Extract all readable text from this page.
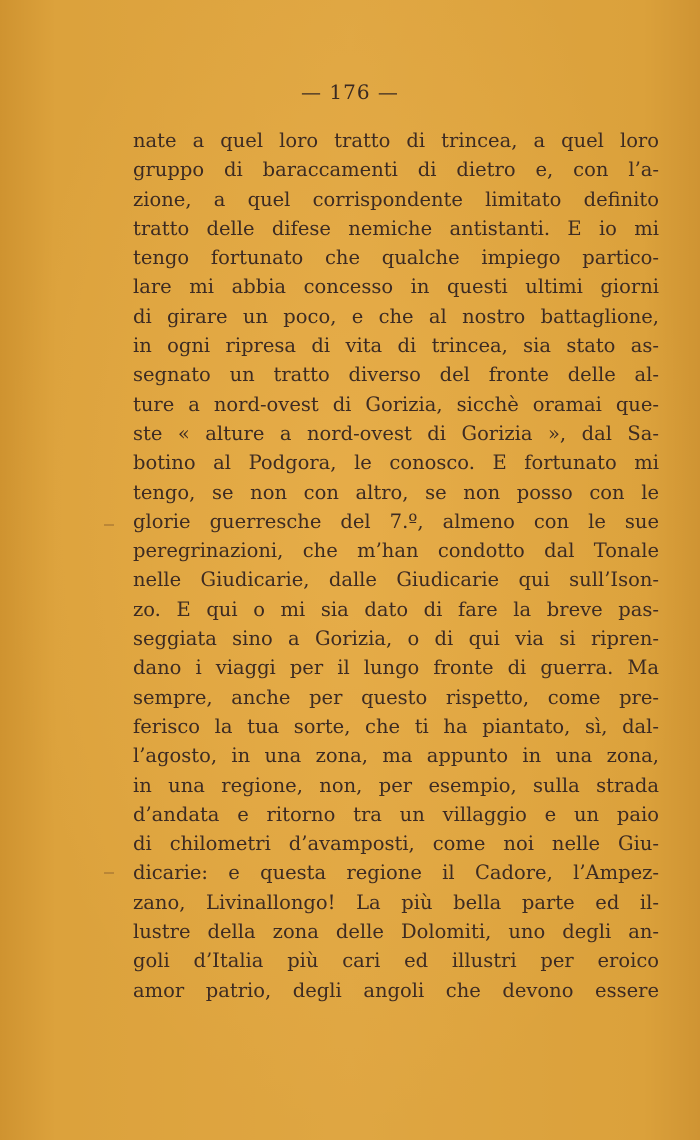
— 176 —
nate a quel loro tratto di trincea, a quel loro
gruppo di baraccamenti di dietro e, con l’a-
zione, a quel corrispondente limitato definito
tratto delle difese nemiche antistanti. E io mi
tengo fortunato che qualche impiego partico-
lare mi abbia concesso in questi ultimi giorni
di girare un poco, e che al nostro battaglione,
in ogni ripresa di vita di trincea, sia stato as-
segnato un tratto diverso del fronte delle al-
ture a nord-ovest di Gorizia, sicchè oramai que-
ste « alture a nord-ovest di Gorizia », dal Sa-
botino al Podgora, le conosco. E fortunato mi
tengo, se non con altro, se non posso con le
glorie guerresche del 7.º, almeno con le sue
peregrinazioni, che m’han condotto dal Tonale
nelle Giudicarie, dalle Giudicarie qui sull’Ison-
zo. E qui o mi sia dato di fare la breve pas-
seggiata sino a Gorizia, o di qui via si ripren-
dano i viaggi per il lungo fronte di guerra. Ma
sempre, anche per questo rispetto, come pre-
ferisco la tua sorte, che ti ha piantato, sì, dal-
l’agosto, in una zona, ma appunto in una zona,
in una regione, non, per esempio, sulla strada
d’andata e ritorno tra un villaggio e un paio
di chilometri d’avamposti, come noi nelle Giu-
dicarie: e questa regione il Cadore, l’Ampez-
zano, Livinallongo! La più bella parte ed il-
lustre della zona delle Dolomiti, uno degli an-
goli d’Italia più cari ed illustri per eroico
amor patrio, degli angoli che devono essere
